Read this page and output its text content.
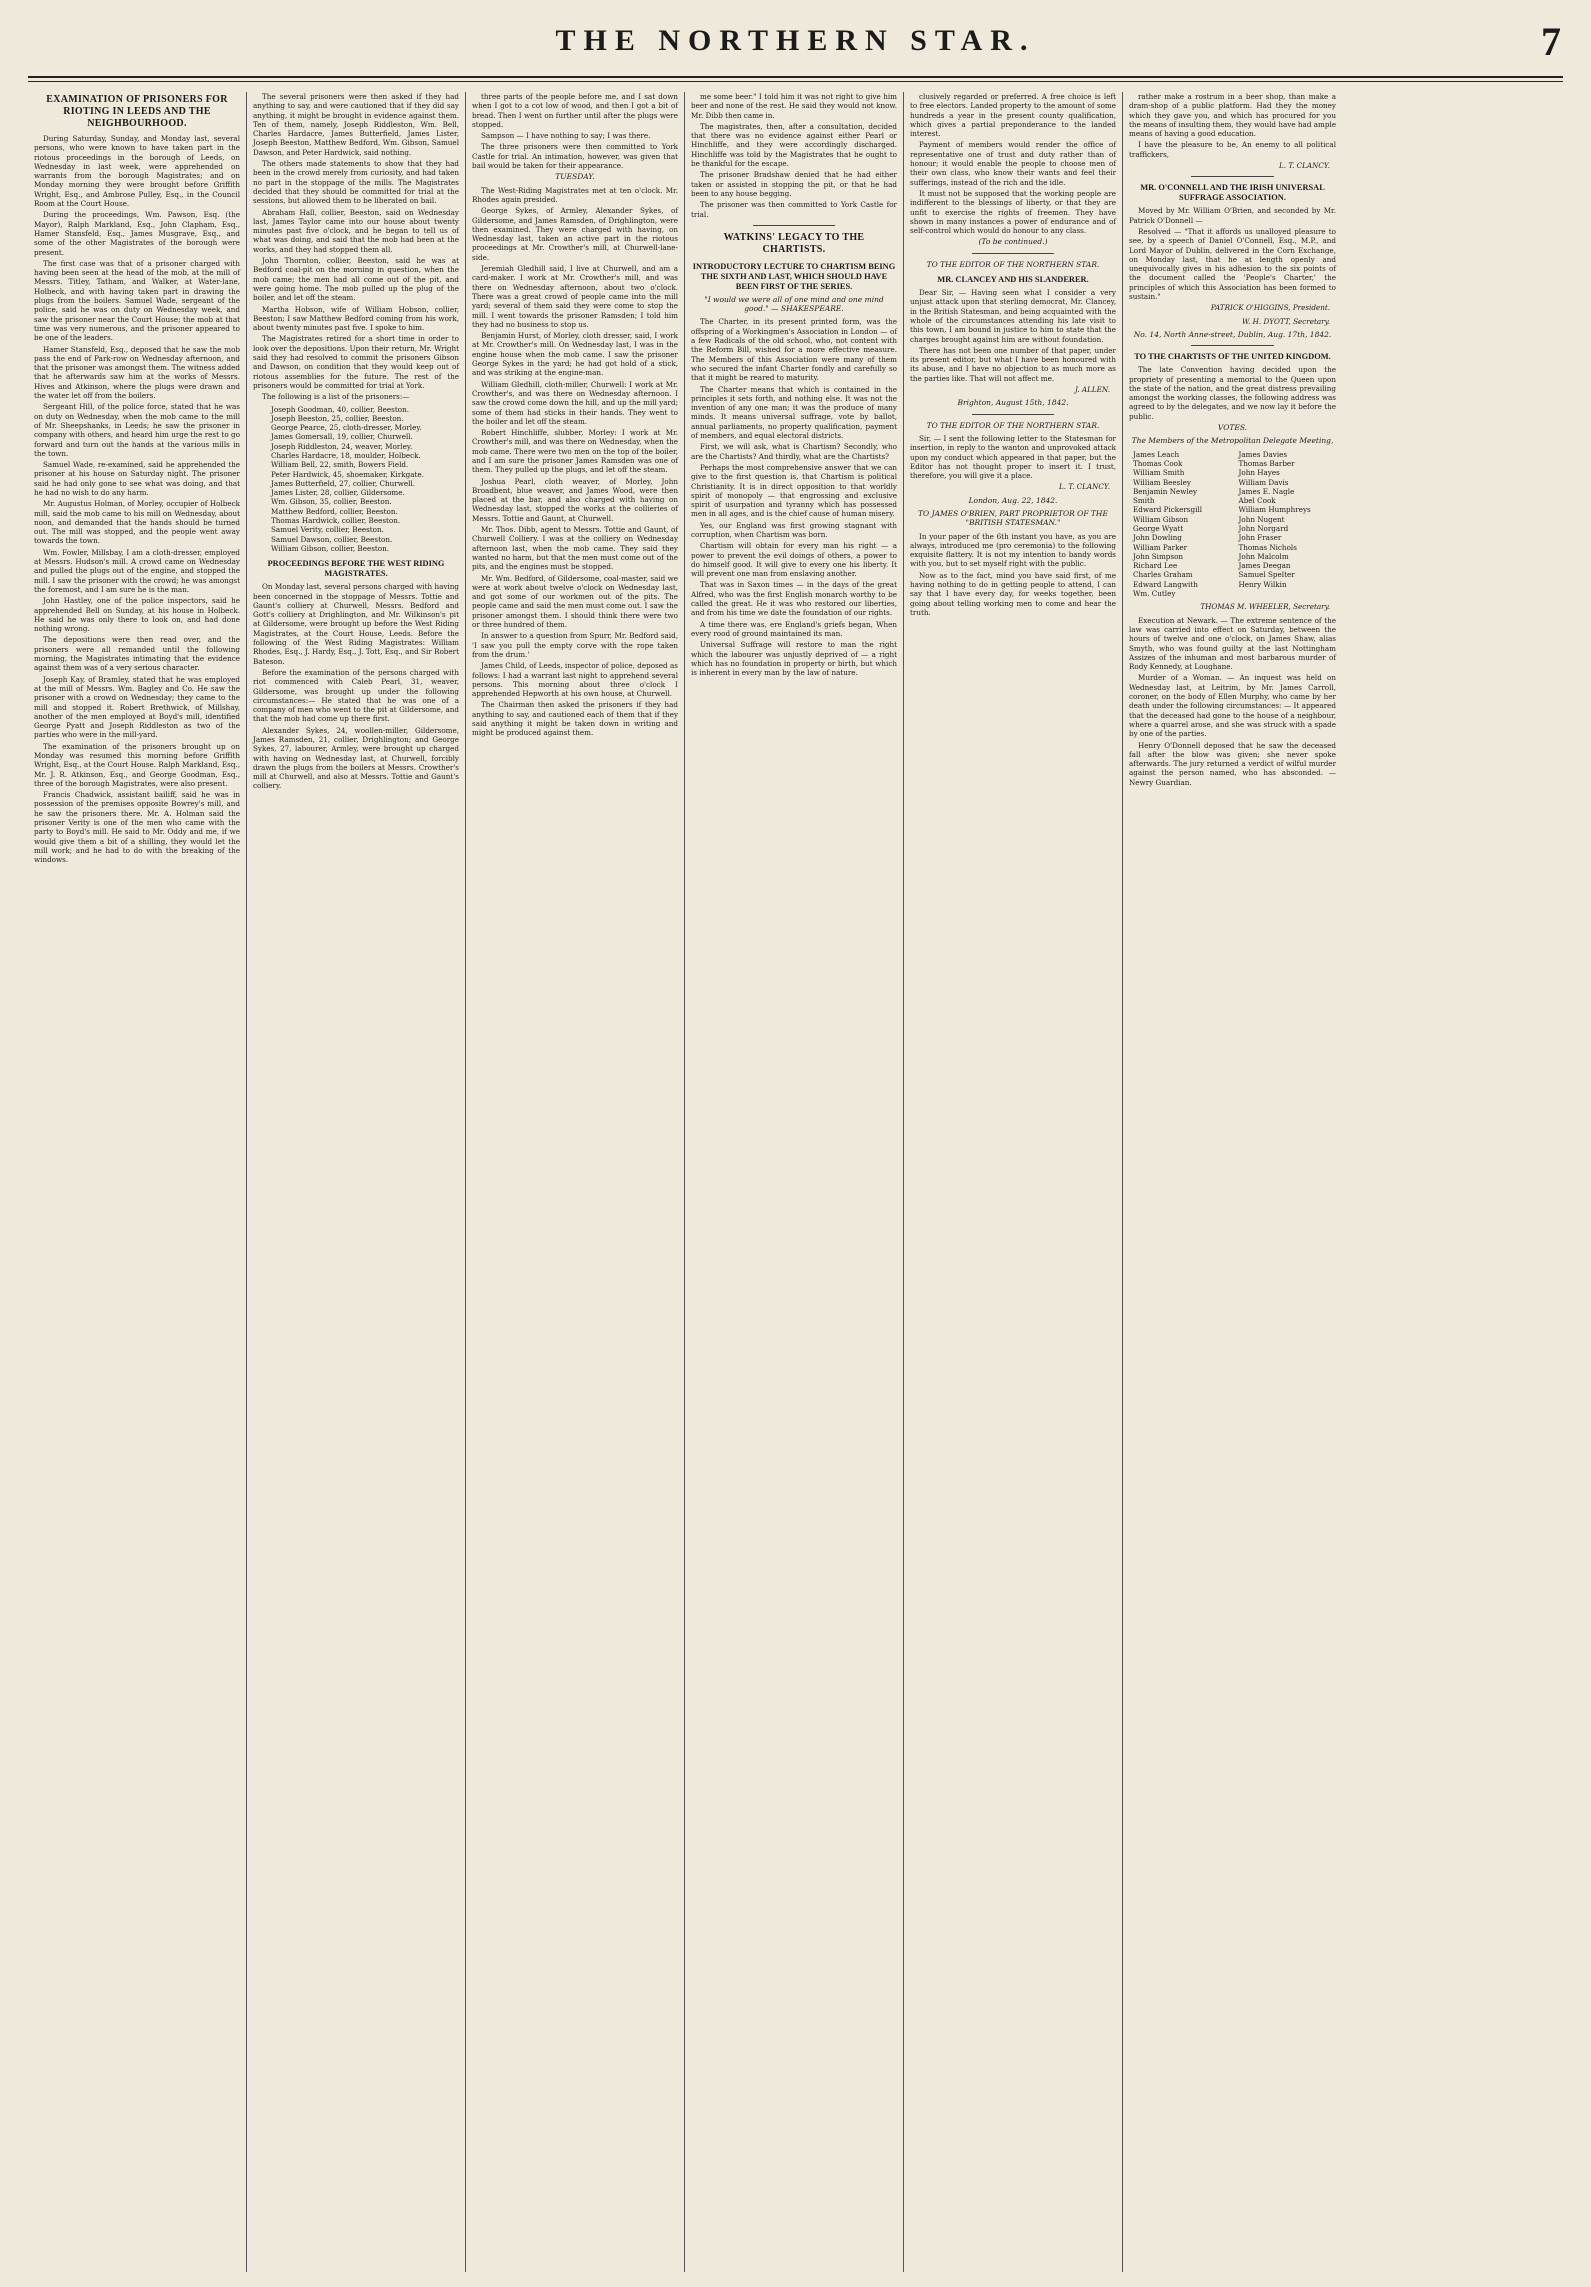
THE NORTHERN STAR.	7
EXAMINATION OF PRISONERS FOR RIOTING IN LEEDS AND THE NEIGHBOURHOOD.

During Saturday, Sunday, and Monday last, several persons, who were known to have taken part in the riotous proceedings in the borough of Leeds, on Wednesday in last week, were apprehended on warrants from the borough Magistrates; and on Monday morning they were brought before Griffith Wright, Esq., and Ambrose Pulley, Esq., in the Council Room at the Court House.

During the proceedings, Wm. Pawson, Esq. (the Mayor), Ralph Markland, Esq., John Clapham, Esq., Hamer Stansfeld, Esq., James Musgrave, Esq., and some of the other Magistrates of the borough were present.

The first case was that of a prisoner charged with having been seen at the head of the mob, at the mill of Messrs. Titley, Tatham, and Walker, at Water-lane, Holbeck, and with having taken part in drawing the plugs from the boilers. Samuel Wade, sergeant of the police, said he was on duty on Wednesday week, and saw the prisoner near the Court House; the mob at that time was very numerous, and the prisoner appeared to be one of the leaders.

Hamer Stansfeld, Esq., deposed that he saw the mob pass the end of Park-row on Wednesday afternoon, and that the prisoner was amongst them. The witness added that he afterwards saw him at the works of Messrs. Hives and Atkinson, where the plugs were drawn and the water let off from the boilers.

Sergeant Hill, of the police force, stated that he was on duty on Wednesday, when the mob came to the mill of Mr. Sheepshanks, in Leeds; he saw the prisoner in company with others, and heard him urge the rest to go forward and turn out the hands at the various mills in the town.

Samuel Wade, re-examined, said he apprehended the prisoner at his house on Saturday night. The prisoner said he had only gone to see what was doing, and that he had no wish to do any harm.

Mr. Augustus Holman, of Morley, occupier of Holbeck mill, said the mob came to his mill on Wednesday, about noon, and demanded that the hands should be turned out. The mill was stopped, and the people went away towards the town.

Wm. Fowler, Millsbay, I am a cloth-dresser, employed at Messrs. Hudson's mill. A crowd came on Wednesday and pulled the plugs out of the engine, and stopped the mill. I saw the prisoner with the crowd; he was amongst the foremost, and I am sure he is the man.

John Hastley, one of the police inspectors, said he apprehended Bell on Sunday, at his house in Holbeck. He said he was only there to look on, and had done nothing wrong.

The depositions were then read over, and the prisoners were all remanded until the following morning, the Magistrates intimating that the evidence against them was of a very serious character.

Joseph Kay, of Bramley, stated that he was employed at the mill of Messrs. Wm. Bagley and Co. He saw the prisoner with a crowd on Wednesday; they came to the mill and stopped it. Robert Brethwick, of Millshay, another of the men employed at Boyd's mill, identified George Pyatt and Joseph Riddleston as two of the parties who were in the mill-yard.

The examination of the prisoners brought up on Monday was resumed this morning before Griffith Wright, Esq., at the Court House. Ralph Markland, Esq., Mr. J. R. Atkinson, Esq., and George Goodman, Esq., three of the borough Magistrates, were also present.

Francis Chadwick, assistant bailiff, said he was in possession of the premises opposite Bowrey's mill, and he saw the prisoners there. Mr. A. Holman said the prisoner Verity is one of the men who came with the party to Boyd's mill. He said to Mr. Oddy and me, if we would give them a bit of a shilling, they would let the mill work; and he had to do with the breaking of the windows.

The several prisoners were then asked if they had anything to say, and were cautioned that if they did say anything, it might be brought in evidence against them. Ten of them, namely, Joseph Riddleston, Wm. Bell, Charles Hardacre, James Butterfield, James Lister, Joseph Beeston, Matthew Bedford, Wm. Gibson, Samuel Dawson, and Peter Hardwick, said nothing.

The others made statements to show that they had been in the crowd merely from curiosity, and had taken no part in the stoppage of the mills. The Magistrates decided that they should be committed for trial at the sessions, but allowed them to be liberated on bail.

Abraham Hall, collier, Beeston, said on Wednesday last, James Taylor came into our house about twenty minutes past five o'clock, and he began to tell us of what was doing, and said that the mob had been at the works, and they had stopped them all.

John Thornton, collier, Beeston, said he was at Bedford coal-pit on the morning in question, when the mob came; the men had all come out of the pit, and were going home. The mob pulled up the plug of the boiler, and let off the steam.

Martha Hobson, wife of William Hobson, collier, Beeston; I saw Matthew Bedford coming from his work, about twenty minutes past five. I spoke to him.

The Magistrates retired for a short time in order to look over the depositions. Upon their return, Mr. Wright said they had resolved to commit the prisoners Gibson and Dawson, on condition that they would keep out of riotous assemblies for the future. The rest of the prisoners would be committed for trial at York.

The following is a list of the prisoners:—

Joseph Goodman, 40, collier, Beeston.
Joseph Beeston, 25, collier, Beeston.
George Pearce, 25, cloth-dresser, Morley.
James Gomersall, 19, collier, Churwell.
Joseph Riddleston, 24, weaver, Morley.
Charles Hardacre, 18, moulder, Holbeck.
William Bell, 22, smith, Bowers Field.
Peter Hardwick, 45, shoemaker, Kirkgate.
James Butterfield, 27, collier, Churwell.
James Lister, 28, collier, Gildersome.
Wm. Gibson, 35, collier, Beeston.
Matthew Bedford, collier, Beeston.
Thomas Hardwick, collier, Beeston.
Samuel Verity, collier, Beeston.
Samuel Dawson, collier, Beeston.
William Gibson, collier, Beeston.
PROCEEDINGS BEFORE THE WEST RIDING MAGISTRATES.

On Monday last, several persons charged with having been concerned in the stoppage of Messrs. Tottie and Gaunt's colliery at Churwell, Messrs. Bedford and Gott's colliery at Drighlington, and Mr. Wilkinson's pit at Gildersome, were brought up before the West Riding Magistrates, at the Court House, Leeds. Before the following of the West Riding Magistrates: William Rhodes, Esq., J. Hardy, Esq., J. Tott, Esq., and Sir Robert Bateson.

Before the examination of the persons charged with riot commenced with Caleb Pearl, 31, weaver, Gildersome, was brought up under the following circumstances:— He stated that he was one of a company of men who went to the pit at Gildersome, and that the mob had come up there first.

Alexander Sykes, 24, woollen-miller, Gildersome, James Ramsden, 21, collier, Drighlington; and George Sykes, 27, labourer, Armley, were brought up charged with having on Wednesday last, at Churwell, forcibly drawn the plugs from the boilers at Messrs. Crowther's mill at Churwell, and also at Messrs. Tottie and Gaunt's colliery.

three parts of the people before me, and I sat down when I got to a cot low of wood, and then I got a bit of bread. Then I went on further until after the plugs were stopped.

Sampson — I have nothing to say; I was there.

The three prisoners were then committed to York Castle for trial. An intimation, however, was given that bail would be taken for their appearance.

TUESDAY.

The West-Riding Magistrates met at ten o'clock. Mr. Rhodes again presided.

George Sykes, of Armley, Alexander Sykes, of Gildersome, and James Ramsden, of Drighlington, were then examined. They were charged with having, on Wednesday last, taken an active part in the riotous proceedings at Mr. Crowther's mill, at Churwell-lane-side.

Jeremiah Gledhill said, I live at Churwell, and am a card-maker. I work at Mr. Crowther's mill, and was there on Wednesday afternoon, about two o'clock. There was a great crowd of people came into the mill yard; several of them said they were come to stop the mill. I went towards the prisoner Ramsden; I told him they had no business to stop us.

Benjamin Hurst, of Morley, cloth dresser, said, I work at Mr. Crowther's mill. On Wednesday last, I was in the engine house when the mob came. I saw the prisoner George Sykes in the yard; he had got hold of a stick, and was striking at the engine-man.

William Gledhill, cloth-miller, Churwell: I work at Mr. Crowther's, and was there on Wednesday afternoon. I saw the crowd come down the hill, and up the mill yard; some of them had sticks in their hands. They went to the boiler and let off the steam.

Robert Hinchliffe, slubber, Morley: I work at Mr. Crowther's mill, and was there on Wednesday, when the mob came. There were two men on the top of the boiler, and I am sure the prisoner James Ramsden was one of them. They pulled up the plugs, and let off the steam.

Joshua Pearl, cloth weaver, of Morley, John Broadbent, blue weaver, and James Wood, were then placed at the bar, and also charged with having on Wednesday last, stopped the works at the collieries of Messrs. Tottie and Gaunt, at Churwell.

Mr. Thos. Dibb, agent to Messrs. Tottie and Gaunt, of Churwell Colliery. I was at the colliery on Wednesday afternoon last, when the mob came. They said they wanted no harm, but that the men must come out of the pits, and the engines must be stopped.

Mr. Wm. Bedford, of Gildersome, coal-master, said we were at work about twelve o'clock on Wednesday last, and got some of our workmen out of the pits. The people came and said the men must come out. I saw the prisoner amongst them. I should think there were two or three hundred of them.

In answer to a question from Spurr, Mr. Bedford said, 'I saw you pull the empty corve with the rope taken from the drum.'

James Child, of Leeds, inspector of police, deposed as follows: I had a warrant last night to apprehend several persons. This morning about three o'clock I apprehended Hepworth at his own house, at Churwell.

The Chairman then asked the prisoners if they had anything to say, and cautioned each of them that if they said anything it might be taken down in writing and might be produced against them.

me some beer." I told him it was not right to give him beer and none of the rest. He said they would not know. Mr. Dibb then came in.

The magistrates, then, after a consultation, decided that there was no evidence against either Pearl or Hinchliffe, and they were accordingly discharged. Hinchliffe was told by the Magistrates that he ought to be thankful for the escape.

The prisoner Bradshaw denied that he had either taken or assisted in stopping the pit, or that he had been to any house begging.

The prisoner was then committed to York Castle for trial.

WATKINS' LEGACY TO THE CHARTISTS.
INTRODUCTORY LECTURE TO CHARTISM BEING THE SIXTH AND LAST, WHICH SHOULD HAVE BEEN FIRST OF THE SERIES.
"I would we were all of one mind and one mind good." — SHAKESPEARE.

The Charter, in its present printed form, was the offspring of a Workingmen's Association in London — of a few Radicals of the old school, who, not content with the Reform Bill, wished for a more effective measure. The Members of this Association were many of them who secured the infant Charter fondly and carefully so that it might be reared to maturity.

The Charter means that which is contained in the principles it sets forth, and nothing else. It was not the invention of any one man; it was the produce of many minds. It means universal suffrage, vote by ballot, annual parliaments, no property qualification, payment of members, and equal electoral districts.

First, we will ask, what is Chartism? Secondly, who are the Chartists? And thirdly, what are the Chartists?

Perhaps the most comprehensive answer that we can give to the first question is, that Chartism is political Christianity. It is in direct opposition to that worldly spirit of monopoly — that engrossing and exclusive spirit of usurpation and tyranny which has possessed men in all ages, and is the chief cause of human misery.

Yes, our England was first growing stagnant with corruption, when Chartism was born.

Chartism will obtain for every man his right — a power to prevent the evil doings of others, a power to do himself good. It will give to every one his liberty. It will prevent one man from enslaving another.

That was in Saxon times — in the days of the great Alfred, who was the first English monarch worthy to be called the great. He it was who restored our liberties, and from his time we date the foundation of our rights.

A time there was, ere England's griefs began, When every rood of ground maintained its man.

Universal Suffrage will restore to man the right which the labourer was unjustly deprived of — a right which has no foundation in property or birth, but which is inherent in every man by the law of nature.

clusively regarded or preferred. A free choice is left to free electors. Landed property to the amount of some hundreds a year in the present county qualification, which gives a partial preponderance to the landed interest.

Payment of members would render the office of representative one of trust and duty rather than of honour; it would enable the people to choose men of their own class, who know their wants and feel their sufferings, instead of the rich and the idle.

It must not be supposed that the working people are indifferent to the blessings of liberty, or that they are unfit to exercise the rights of freemen. They have shown in many instances a power of endurance and of self-control which would do honour to any class.

(To be continued.)
TO THE EDITOR OF THE NORTHERN STAR.
MR. CLANCEY AND HIS SLANDERER.

Dear Sir, — Having seen what I consider a very unjust attack upon that sterling democrat, Mr. Clancey, in the British Statesman, and being acquainted with the whole of the circumstances attending his late visit to this town, I am bound in justice to him to state that the charges brought against him are without foundation.

There has not been one number of that paper, under its present editor, but what I have been honoured with its abuse, and I have no objection to as much more as the parties like. That will not affect me.

J. ALLEN.
Brighton, August 15th, 1842.
TO THE EDITOR OF THE NORTHERN STAR.

Sir, — I sent the following letter to the Statesman for insertion, in reply to the wanton and unprovoked attack upon my conduct which appeared in that paper, but the Editor has not thought proper to insert it. I trust, therefore, you will give it a place.

L. T. CLANCY.
London, Aug. 22, 1842.
TO JAMES O'BRIEN, PART PROPRIETOR OF THE "BRITISH STATESMAN."

In your paper of the 6th instant you have, as you are always, introduced me (pro ceremonia) to the following exquisite flattery. It is not my intention to bandy words with you, but to set myself right with the public.

Now as to the fact, mind you have said first, of me having nothing to do in getting people to attend, I can say that I have every day, for weeks together, been going about telling working men to come and hear the truth.

rather make a rostrum in a beer shop, than make a dram-shop of a public platform. Had they the money which they gave you, and which has procured for you the means of insulting them, they would have had ample means of having a good education.

I have the pleasure to be, An enemy to all political traffickers,

L. T. CLANCY.
MR. O'CONNELL AND THE IRISH UNIVERSAL SUFFRAGE ASSOCIATION.

Moved by Mr. William O'Brien, and seconded by Mr. Patrick O'Donnell —

Resolved — "That it affords us unalloyed pleasure to see, by a speech of Daniel O'Connell, Esq., M.P., and Lord Mayor of Dublin, delivered in the Corn Exchange, on Monday last, that he at length openly and unequivocally gives in his adhesion to the six points of the document called the 'People's Charter,' the principles of which this Association has been formed to sustain."

PATRICK O'HIGGINS, President.
W. H. DYOTT, Secretary.
No. 14, North Anne-street, Dublin, Aug. 17th, 1842.
TO THE CHARTISTS OF THE UNITED KINGDOM.

The late Convention having decided upon the propriety of presenting a memorial to the Queen upon the state of the nation, and the great distress prevailing amongst the working classes, the following address was agreed to by the delegates, and we now lay it before the public.

VOTES.
The Members of the Metropolitan Delegate Meeting,
James Leach
Thomas Cook
William Smith
William Beesley
Benjamin Newley
Smith
Edward Pickersgill
William Gibson
George Wyatt
John Dowling
William Parker
John Simpson
Richard Lee
Charles Graham
Edward Langwith
Wm. Cutley
James Davies
Thomas Barber
John Hayes
William Davis
James E. Nagle
Abel Cook
William Humphreys
John Nugent
John Norgard
John Fraser
Thomas Nichols
John Malcolm
James Deegan
Samuel Spelter
Henry Wilkin
THOMAS M. WHEELER, Secretary.

Execution at Newark. — The extreme sentence of the law was carried into effect on Saturday, between the hours of twelve and one o'clock, on James Shaw, alias Smyth, who was found guilty at the last Nottingham Assizes of the inhuman and most barbarous murder of Rody Kennedy, at Loughane.

Murder of a Woman. — An inquest was held on Wednesday last, at Leitrim, by Mr. James Carroll, coroner, on the body of Ellen Murphy, who came by her death under the following circumstances: — It appeared that the deceased had gone to the house of a neighbour, where a quarrel arose, and she was struck with a spade by one of the parties.

Henry O'Donnell deposed that he saw the deceased fall after the blow was given; she never spoke afterwards. The jury returned a verdict of wilful murder against the person named, who has absconded. — Newry Guardian.
